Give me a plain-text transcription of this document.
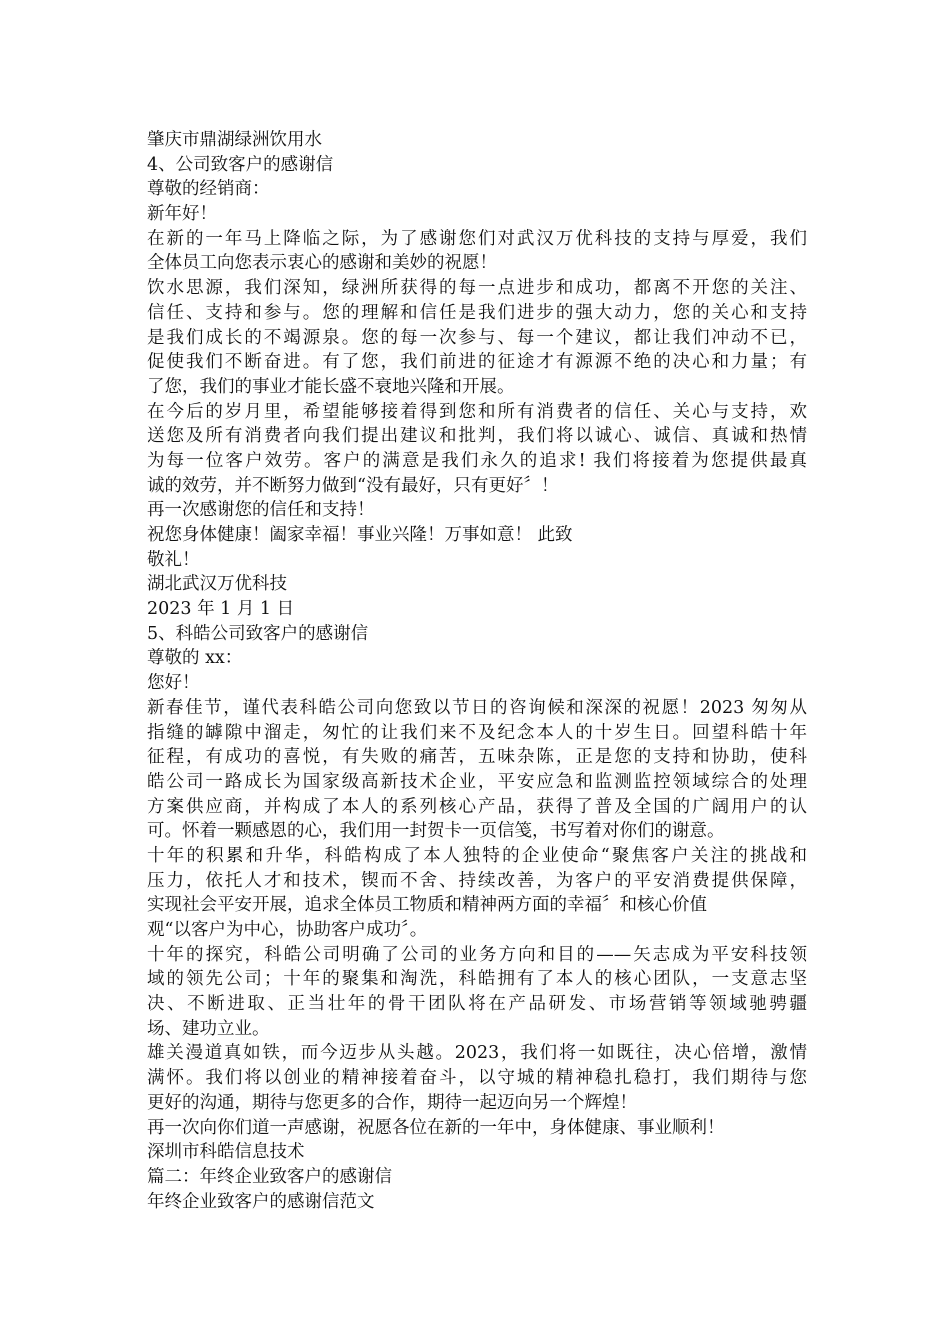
肇庆市鼎湖绿洲饮用水
4、公司致客户的感谢信
尊敬的经销商：
新年好！
在新的一年马上降临之际，为了感谢您们对武汉万优科技的支持与厚爱，我们
全体员工向您表示衷心的感谢和美妙的祝愿！
饮水思源，我们深知，绿洲所获得的每一点进步和成功，都离不开您的关注、
信任、支持和参与。您的理解和信任是我们进步的强大动力，您的关心和支持
是我们成长的不竭源泉。您的每一次参与、每一个建议，都让我们冲动不已，
促使我们不断奋进。有了您，我们前进的征途才有源源不绝的决心和力量；有
了您，我们的事业才能长盛不衰地兴隆和开展。
在今后的岁月里，希望能够接着得到您和所有消费者的信任、关心与支持，欢
送您及所有消费者向我们提出建议和批判，我们将以诚心、诚信、真诚和热情
为每一位客户效劳。客户的满意是我们永久的追求! 我们将接着为您提供最真
诚的效劳，并不断努力做到“没有最好，只有更好〞！
再一次感谢您的信任和支持！
祝您身体健康！阖家幸福！事业兴隆！万事如意！ 此致
敬礼！
湖北武汉万优科技
2023 年 1 月 1 日
5、科皓公司致客户的感谢信
尊敬的 xx：
您好！
新春佳节，谨代表科皓公司向您致以节日的咨询候和深深的祝愿！2023 匆匆从
指缝的罅隙中溜走，匆忙的让我们来不及纪念本人的十岁生日。回望科皓十年
征程，有成功的喜悦，有失败的痛苦，五味杂陈，正是您的支持和协助，使科
皓公司一路成长为国家级高新技术企业，平安应急和监测监控领域综合的处理
方案供应商，并构成了本人的系列核心产品，获得了普及全国的广阔用户的认
可。怀着一颗感恩的心，我们用一封贺卡一页信笺，书写着对你们的谢意。
十年的积累和升华，科皓构成了本人独特的企业使命“聚焦客户关注的挑战和
压力，依托人才和技术，锲而不舍、持续改善，为客户的平安消费提供保障，
实现社会平安开展，追求全体员工物质和精神两方面的幸福〞和核心价值
观“以客户为中心，协助客户成功〞。
十年的探究，科皓公司明确了公司的业务方向和目的——矢志成为平安科技领
域的领先公司；十年的聚集和淘洗，科皓拥有了本人的核心团队，一支意志坚
决、不断进取、正当壮年的骨干团队将在产品研发、市场营销等领域驰骋疆
场、建功立业。
雄关漫道真如铁，而今迈步从头越。2023，我们将一如既往，决心倍增，激情
满怀。我们将以创业的精神接着奋斗，以守城的精神稳扎稳打，我们期待与您
更好的沟通，期待与您更多的合作，期待一起迈向另一个辉煌！
再一次向你们道一声感谢，祝愿各位在新的一年中，身体健康、事业顺利！
深圳市科皓信息技术
篇二：年终企业致客户的感谢信
年终企业致客户的感谢信范文
